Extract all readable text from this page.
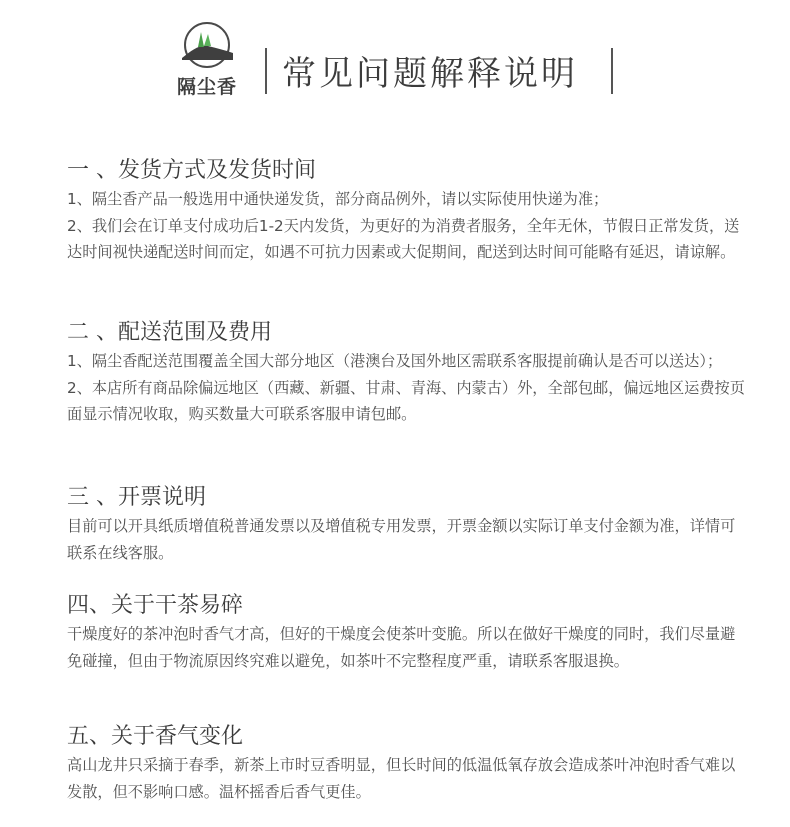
隔尘香 常见问题解释说明
一 、发货方式及发货时间

1、隔尘香产品一般选用中通快递发货，部分商品例外，请以实际使用快递为准；

2、我们会在订单支付成功后1-2天内发货，为更好的为消费者服务，全年无休，节假日正常发货，送达时间视快递配送时间而定，如遇不可抗力因素或大促期间，配送到达时间可能略有延迟，请谅解。

二 、配送范围及费用

1、隔尘香配送范围覆盖全国大部分地区（港澳台及国外地区需联系客服提前确认是否可以送达）；

2、本店所有商品除偏远地区（西藏、新疆、甘肃、青海、内蒙古）外，全部包邮，偏远地区运费按页面显示情况收取，购买数量大可联系客服申请包邮。

三 、开票说明

目前可以开具纸质增值税普通发票以及增值税专用发票，开票金额以实际订单支付金额为准，详情可联系在线客服。

四、关于干茶易碎

干燥度好的茶冲泡时香气才高，但好的干燥度会使茶叶变脆。所以在做好干燥度的同时，我们尽量避免碰撞，但由于物流原因终究难以避免，如茶叶不完整程度严重，请联系客服退换。

五、关于香气变化

高山龙井只采摘于春季，新茶上市时豆香明显，但长时间的低温低氧存放会造成茶叶冲泡时香气难以发散，但不影响口感。温杯摇香后香气更佳。
